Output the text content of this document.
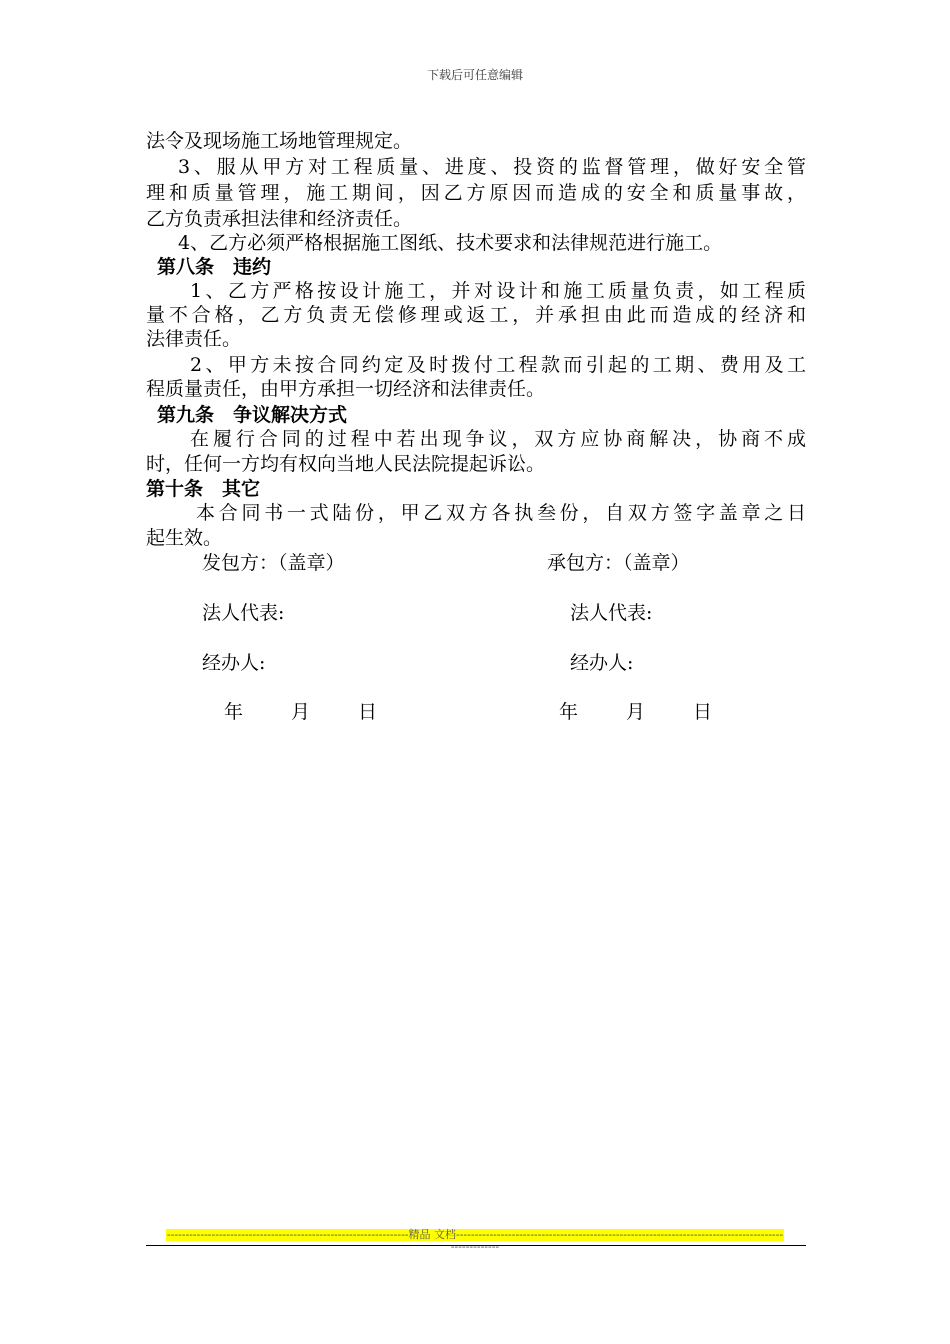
下载后可任意编辑
法令及现场施工场地管理规定。
3、服从甲方对工程质量、进度、投资的监督管理，做好安全管
理和质量管理，施工期间，因乙方原因而造成的安全和质量事故，
乙方负责承担法律和经济责任。
4、乙方必须严格根据施工图纸、技术要求和法律规范进行施工。
第八条　违约
1、乙方严格按设计施工，并对设计和施工质量负责，如工程质
量不合格，乙方负责无偿修理或返工，并承担由此而造成的经济和
法律责任。
2、甲方未按合同约定及时拨付工程款而引起的工期、费用及工
程质量责任，由甲方承担一切经济和法律责任。
第九条　争议解决方式
在履行合同的过程中若出现争议，双方应协商解决，协商不成
时，任何一方均有权向当地人民法院提起诉讼。
第十条　其它
本合同书一式陆份，甲乙双方各执叁份，自双方签字盖章之日
起生效。
发包方：（盖章）	承包方：（盖章）
法人代表:	法人代表:
经办人:	经办人:
年	月	日	年	月	日
-----------------------------------------------------------------精品 文档-----------------------------------------------------------------------------------------------------
